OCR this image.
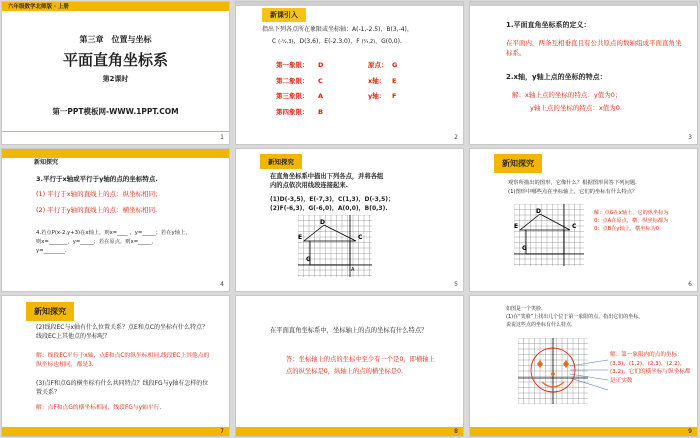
六年级数学北师版 · 上册
第三章　位置与坐标
平面直角坐标系
第2课时
第一PPT模板网-WWW.1PPT.COM
1
新课引入
指出下列各点所在象限或坐标轴：A(-1,-2.5)，B(3,-4)，
C (-¹⁄₂,3)，D(3,6)，E(-2.3,0)，F (²⁄₃,2)，G(0,0).
第一象限：	D	原点： G
第二象限：	C	x轴：	E
第三象限：	A	y轴：	F
第四象限：	B
2
1.平面直角坐标系的定义：
在平面内，两条互相垂直且有公共原点的数轴组成平面直角坐标系。
2.x轴，y轴上点的坐标的特点：
解：x轴上点的坐标的特点：y值为0；
y轴上点的坐标的特点：x值为0.
3
新知探究
3.平行于x轴或平行于y轴的点的坐标特点.
(1) 平行于x轴的直线上的点：纵坐标相同；
(2) 平行于y轴的直线上的点：横坐标相同.
4.若点P(x-2,y+3)在x轴上，则x=____ ，y=_____；若在y轴上，
则x=_______，y=_____；若在原点，则x=_____，
y=________.
4
新知探究
在直角坐标系中描出下列各点，并将各组
内的点依次用线段连接起来.
(1)D(-3,5)，E(-7,3)，C(1,3)，D(-3,5)；
(2)F(-6,3)，G(-6,0)，A(0,0)，B(0,3).
D
E	C
G
A
5
新知探究
观察所描出的图形，它像什么？根据图形回答下列问题.
(1)图形中哪些点在坐标轴上，它们的坐标有什么特点？
D
E	C
G
解：点G在x轴上，它的纵坐标为0；点A在原点，横、纵坐标都为0；点B在y轴上，横坐标为0.
6
新知探究
(2)线段EC与x轴有什么位置关系？点E和点C的坐标有什么特点？线段EC上其他点的坐标呢？
解：线段EC平行于x轴，点E和点C的纵坐标相同,线段EC上其他点的纵坐标也相同，都是3.
(3)点F和点G的横坐标有什么共同特点？线段FG与y轴有怎样的位置关系？
解：点F和点G的横坐标相同，线段FG与y轴平行.
7
在平面直角坐标系中，坐标轴上的点的坐标有什么特点？
答：坐标轴上的点的坐标中至少有一个是0，即横轴上点的纵坐标是0，纵轴上的点的横坐标是0.
8
如图是一个笑脸.
(1)在“笑脸”上找出几个位于第一象限的点，指出它们的坐标，
说说这些点的坐标有什么特点.
解：第一象限内的点的坐标：(3,3)，(1,2)，(2,3)，(2,2)，(3,2)，它们的横坐标与纵坐标都是正实数
9
